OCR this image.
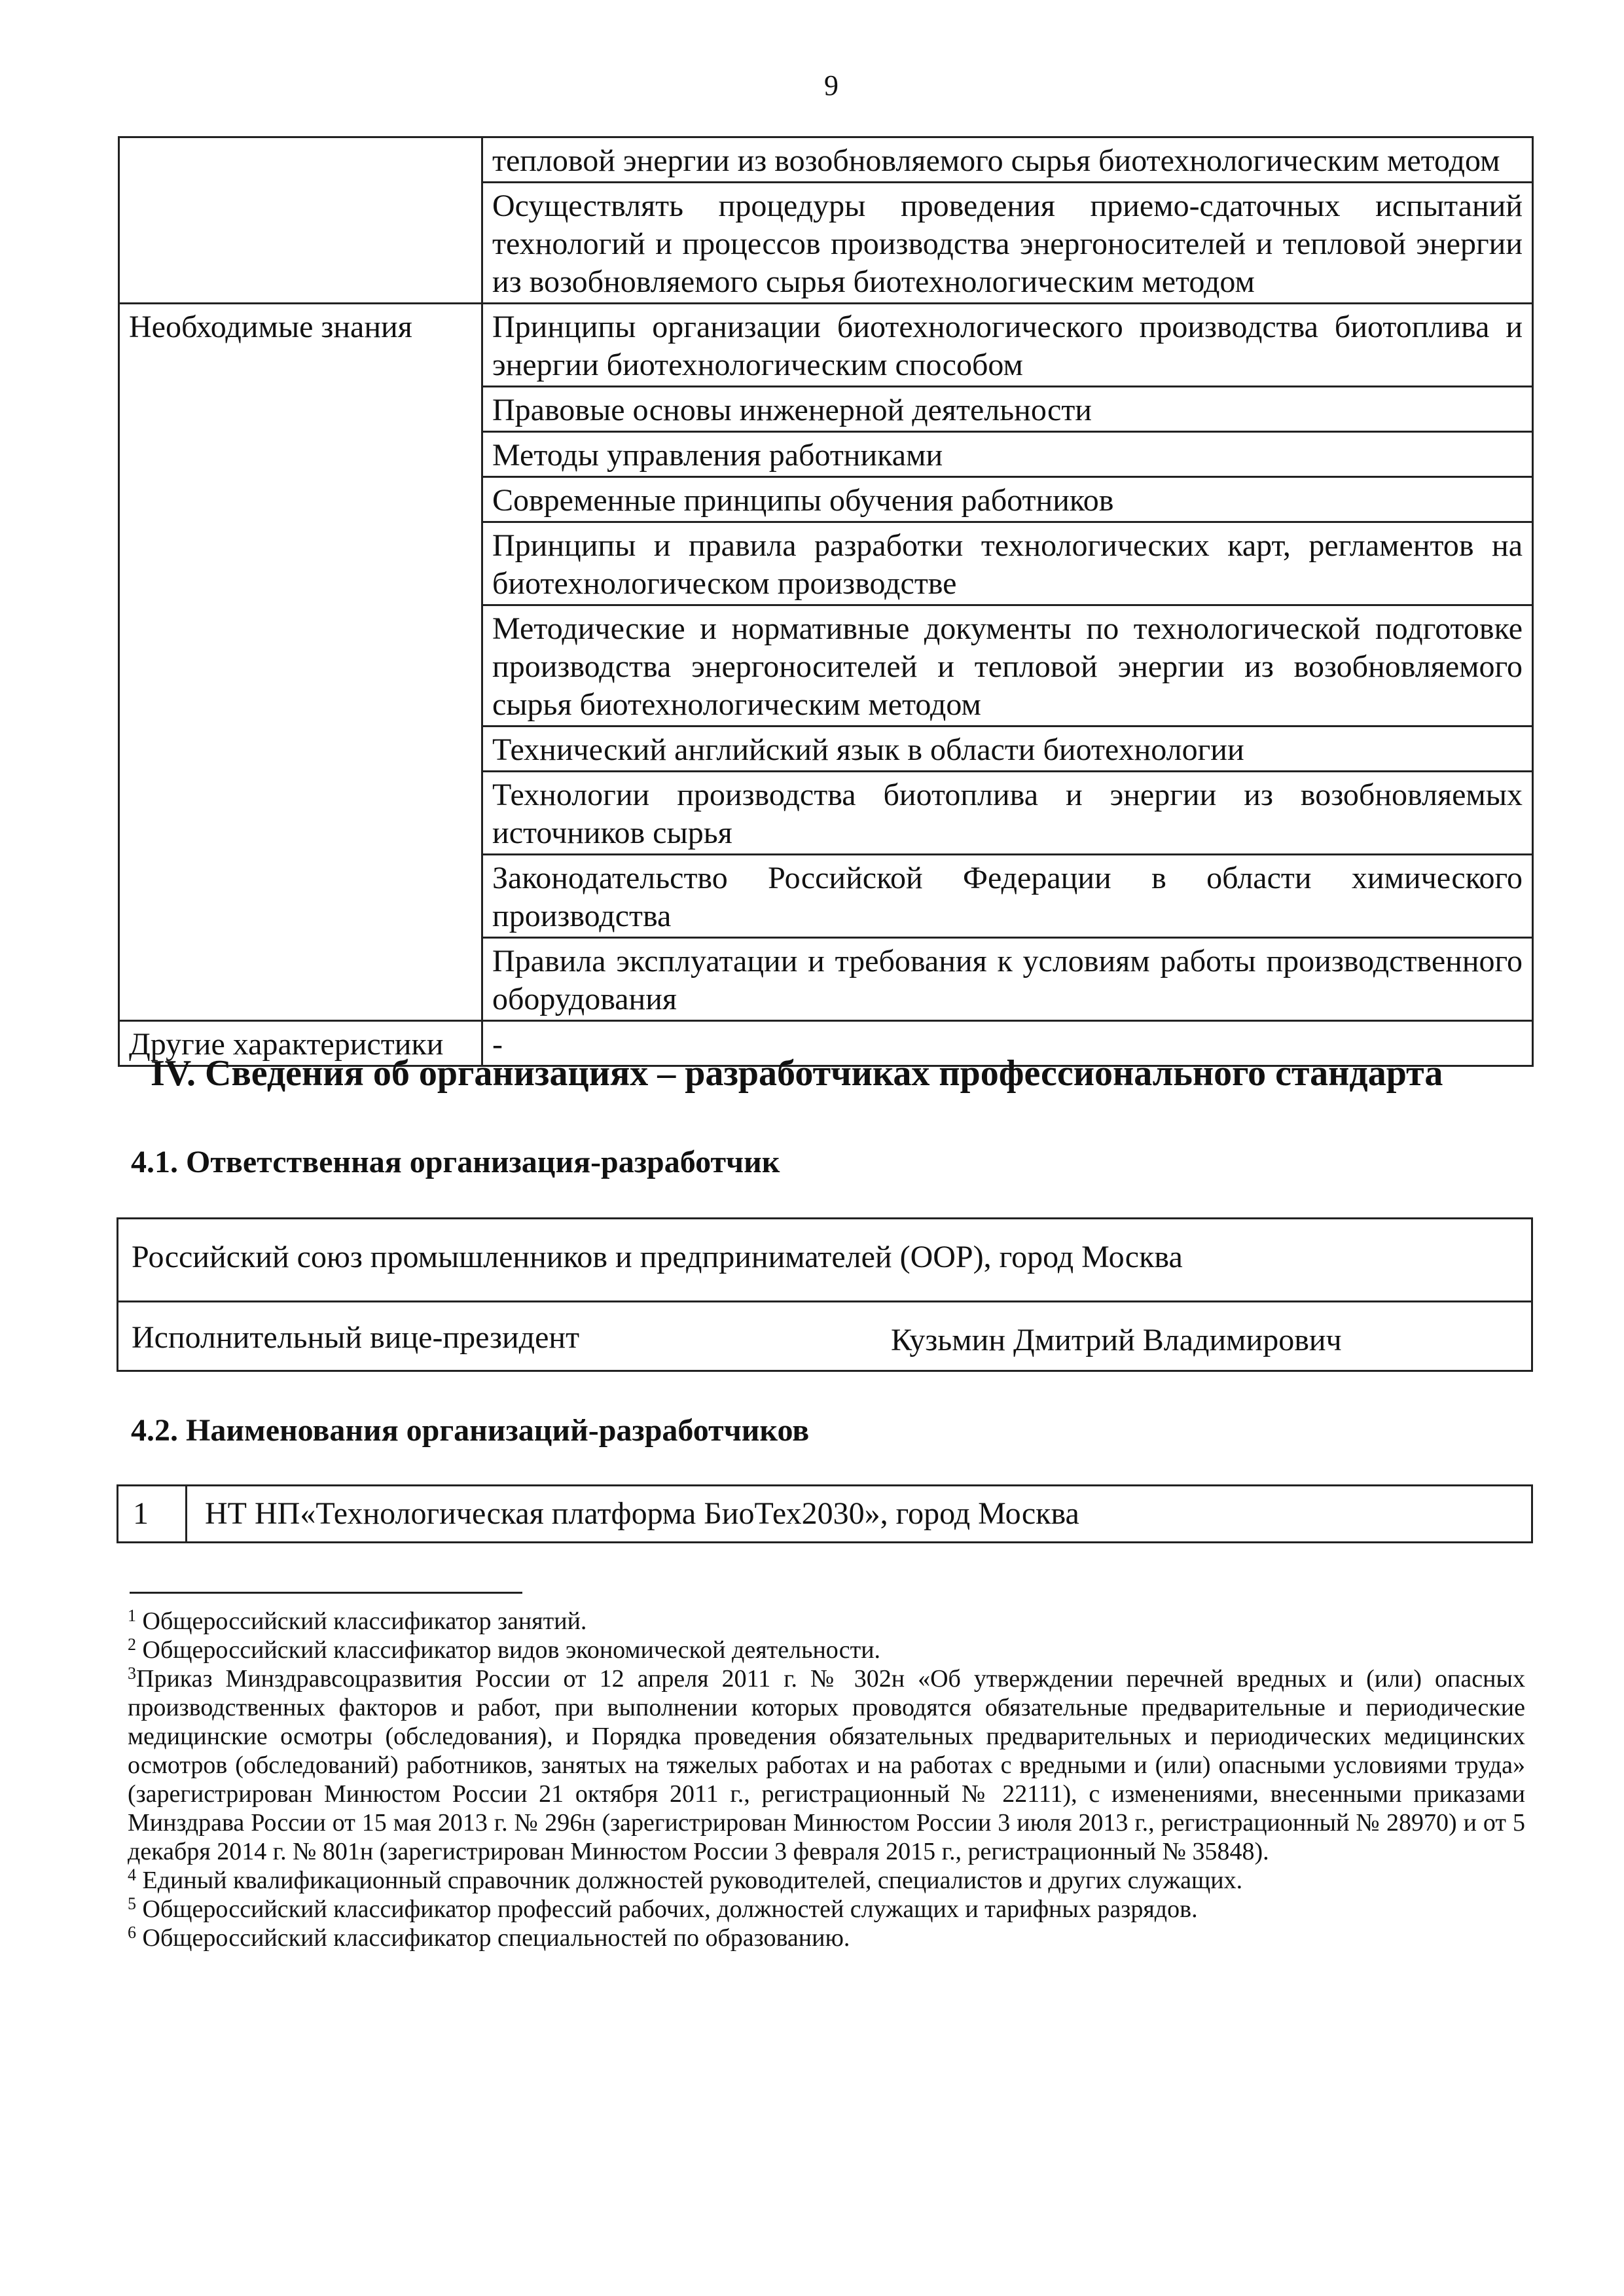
9
	тепловой энергии из возобновляемого сырья биотехнологическим методом
	Осуществлять процедуры проведения приемо-сдаточных испытаний технологий и процессов производства энергоносителей и тепловой энергии из возобновляемого сырья биотехнологическим методом
Необходимые знания	Принципы организации биотехнологического производства биотоплива и энергии биотехнологическим способом
	Правовые основы инженерной деятельности
	Методы управления работниками
	Современные принципы обучения работников
	Принципы и правила разработки технологических карт, регламентов на биотехнологическом производстве
	Методические и нормативные документы по технологической подготовке производства энергоносителей и тепловой энергии из возобновляемого сырья биотехнологическим методом
	Технический английский язык в области биотехнологии
	Технологии производства биотоплива и энергии из возобновляемых источников сырья
	Законодательство Российской Федерации в области химического производства
	Правила эксплуатации и требования к условиям работы производственного оборудования
Другие характеристики	-
IV. Сведения об организациях – разработчиках профессионального стандарта
4.1. Ответственная организация-разработчик
Российский союз промышленников и предпринимателей (ООР), город Москва
Исполнительный вице-президент	Кузьмин Дмитрий Владимирович
4.2. Наименования организаций-разработчиков
1	НТ НП«Технологическая платформа БиоТех2030», город Москва

$^1$ Общероссийский классификатор занятий.

$^2$ Общероссийский классификатор видов экономической деятельности.

$^3$Приказ Минздравсоцразвития России от 12 апреля 2011 г. № 302н «Об утверждении перечней вредных и (или) опасных производственных факторов и работ, при выполнении которых проводятся обязательные предварительные и периодические медицинские осмотры (обследования), и Порядка проведения обязательных предварительных и периодических медицинских осмотров (обследований) работников, занятых на тяжелых работах и на работах с вредными и (или) опасными условиями труда» (зарегистрирован Минюстом России 21 октября 2011 г., регистрационный № 22111), с изменениями, внесенными приказами Минздрава России от 15 мая 2013 г. № 296н (зарегистрирован Минюстом России 3 июля 2013 г., регистрационный № 28970) и от 5 декабря 2014 г. № 801н (зарегистрирован Минюстом России 3 февраля 2015 г., регистрационный № 35848).

$^4$ Единый квалификационный справочник должностей руководителей, специалистов и других служащих.

$^5$ Общероссийский классификатор профессий рабочих, должностей служащих и тарифных разрядов.

$^6$ Общероссийский классификатор специальностей по образованию.
